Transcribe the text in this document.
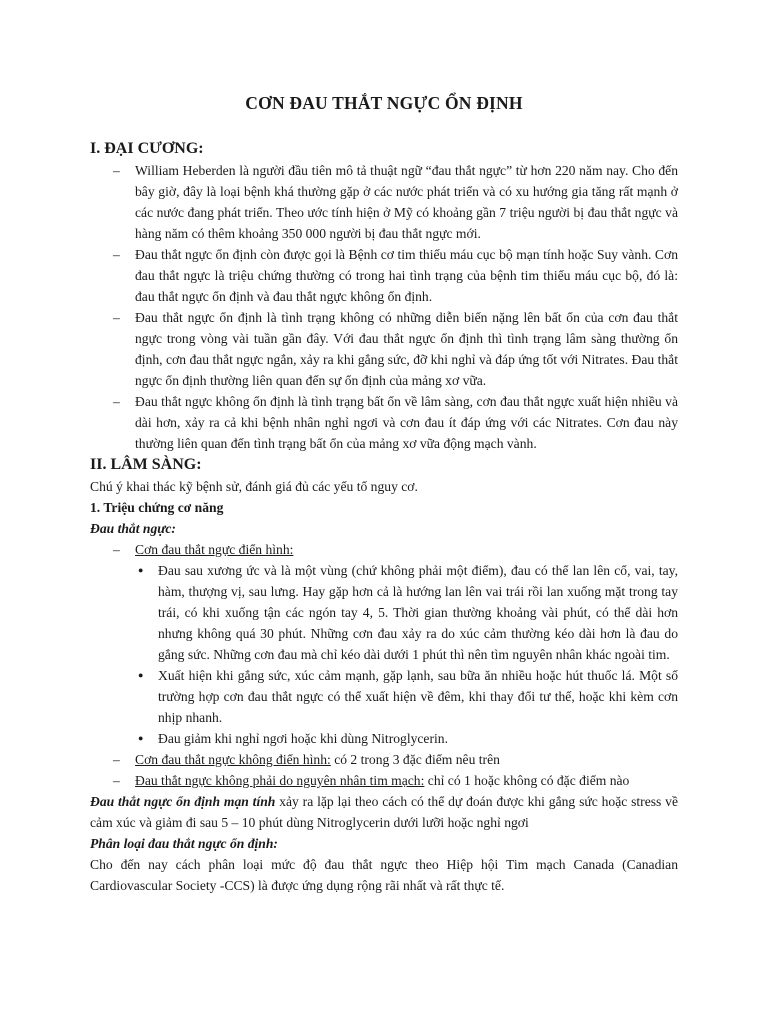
CƠN ĐAU THẮT NGỰC ỔN ĐỊNH
I. ĐẠI CƯƠNG:
– William Heberden là người đầu tiên mô tả thuật ngữ “đau thắt ngực” từ hơn 220 năm nay. Cho đến bây giờ, đây là loại bệnh khá thường gặp ở các nước phát triển và có xu hướng gia tăng rất mạnh ở các nước đang phát triển. Theo ước tính hiện ở Mỹ có khoảng gần 7 triệu người bị đau thắt ngực và hàng năm có thêm khoảng 350 000 người bị đau thắt ngực mới.
– Đau thắt ngực ổn định còn được gọi là Bệnh cơ tim thiếu máu cục bộ mạn tính hoặc Suy vành. Cơn đau thắt ngực là triệu chứng thường có trong hai tình trạng của bệnh tim thiếu máu cục bộ, đó là: đau thắt ngực ổn định và đau thắt ngực không ổn định.
– Đau thắt ngực ổn định là tình trạng không có những diễn biến nặng lên bất ổn của cơn đau thắt ngực trong vòng vài tuần gần đây. Với đau thắt ngực ổn định thì tình trạng lâm sàng thường ổn định, cơn đau thắt ngực ngắn, xảy ra khi gắng sức, đỡ khi nghỉ và đáp ứng tốt với Nitrates. Đau thắt ngực ổn định thường liên quan đến sự ổn định của mảng xơ vữa.
– Đau thắt ngực không ổn định là tình trạng bất ổn về lâm sàng, cơn đau thắt ngực xuất hiện nhiều và dài hơn, xảy ra cả khi bệnh nhân nghỉ ngơi và cơn đau ít đáp ứng với các Nitrates. Cơn đau này thường liên quan đến tình trạng bất ổn của mảng xơ vữa động mạch vành.
II. LÂM SÀNG:

Chú ý khai thác kỹ bệnh sử, đánh giá đủ các yếu tố nguy cơ.

1. Triệu chứng cơ năng

Đau thắt ngực:

– Cơn đau thắt ngực điển hình:
● Đau sau xương ức và là một vùng (chứ không phải một điểm), đau có thể lan lên cổ, vai, tay, hàm, thượng vị, sau lưng. Hay gặp hơn cả là hướng lan lên vai trái rồi lan xuống mặt trong tay trái, có khi xuống tận các ngón tay 4, 5. Thời gian thường khoảng vài phút, có thể dài hơn nhưng không quá 30 phút. Những cơn đau xảy ra do xúc cảm thường kéo dài hơn là đau do gắng sức. Những cơn đau mà chỉ kéo dài dưới 1 phút thì nên tìm nguyên nhân khác ngoài tim.
● Xuất hiện khi gắng sức, xúc cảm mạnh, gặp lạnh, sau bữa ăn nhiều hoặc hút thuốc lá. Một số trường hợp cơn đau thắt ngực có thể xuất hiện về đêm, khi thay đổi tư thế, hoặc khi kèm cơn nhịp nhanh.
● Đau giảm khi nghỉ ngơi hoặc khi dùng Nitroglycerin.
– Cơn đau thắt ngực không điển hình: có 2 trong 3 đặc điểm nêu trên
– Đau thắt ngực không phải do nguyên nhân tim mạch: chỉ có 1 hoặc không có đặc điểm nào

Đau thắt ngực ổn định mạn tính xảy ra lặp lại theo cách có thể dự đoán được khi gắng sức hoặc stress về cảm xúc và giảm đi sau 5 – 10 phút dùng Nitroglycerin dưới lưỡi hoặc nghỉ ngơi

Phân loại đau thắt ngực ổn định:

Cho đến nay cách phân loại mức độ đau thắt ngực theo Hiệp hội Tim mạch Canada (Canadian Cardiovascular Society -CCS) là được ứng dụng rộng rãi nhất và rất thực tế.
